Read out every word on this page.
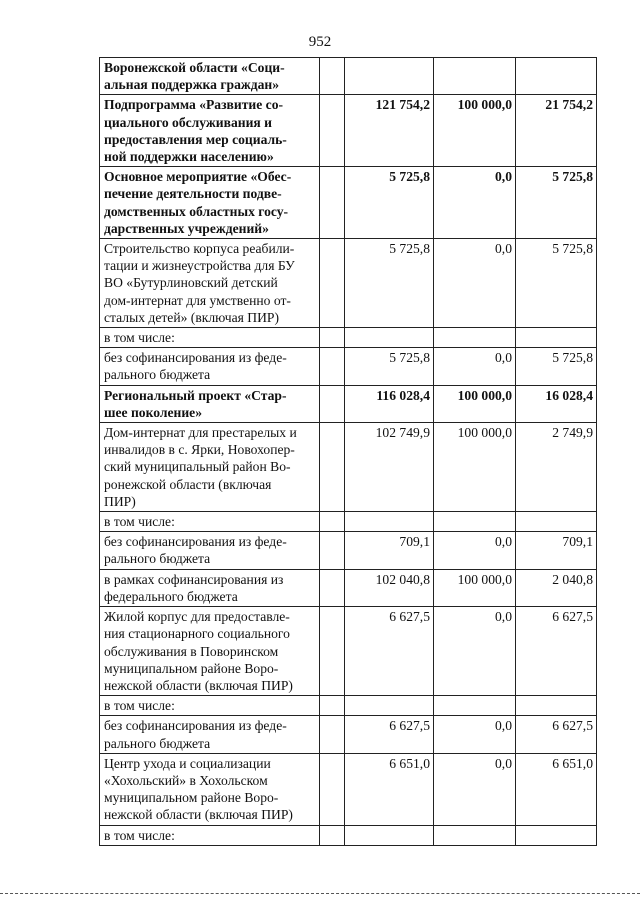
952
Воронежской области «Соци-
альная поддержка граждан»				
Подпрограмма «Развитие со-
циального обслуживания и
предоставления мер социаль-
ной поддержки населению»		121 754,2	100 000,0	21 754,2
Основное мероприятие «Обес-
печение деятельности подве-
домственных областных госу-
дарственных учреждений»		5 725,8	0,0	5 725,8
Строительство корпуса реабили-
тации и жизнеустройства для БУ
ВО «Бутурлиновский детский
дом-интернат для умственно от-
сталых детей» (включая ПИР)		5 725,8	0,0	5 725,8
в том числе:				
без софинансирования из феде-
рального бюджета		5 725,8	0,0	5 725,8
Региональный проект «Стар-
шее поколение»		116 028,4	100 000,0	16 028,4
Дом-интернат для престарелых и
инвалидов в с. Ярки, Новохопер-
ский муниципальный район Во-
ронежской области (включая
ПИР)		102 749,9	100 000,0	2 749,9
в том числе:				
без софинансирования из феде-
рального бюджета		709,1	0,0	709,1
в рамках софинансирования из
федерального бюджета		102 040,8	100 000,0	2 040,8
Жилой корпус для предоставле-
ния стационарного социального
обслуживания в Поворинском
муниципальном районе Воро-
нежской области (включая ПИР)		6 627,5	0,0	6 627,5
в том числе:				
без софинансирования из феде-
рального бюджета		6 627,5	0,0	6 627,5
Центр ухода и социализации
«Хохольский» в Хохольском
муниципальном районе Воро-
нежской области (включая ПИР)		6 651,0	0,0	6 651,0
в том числе:				
